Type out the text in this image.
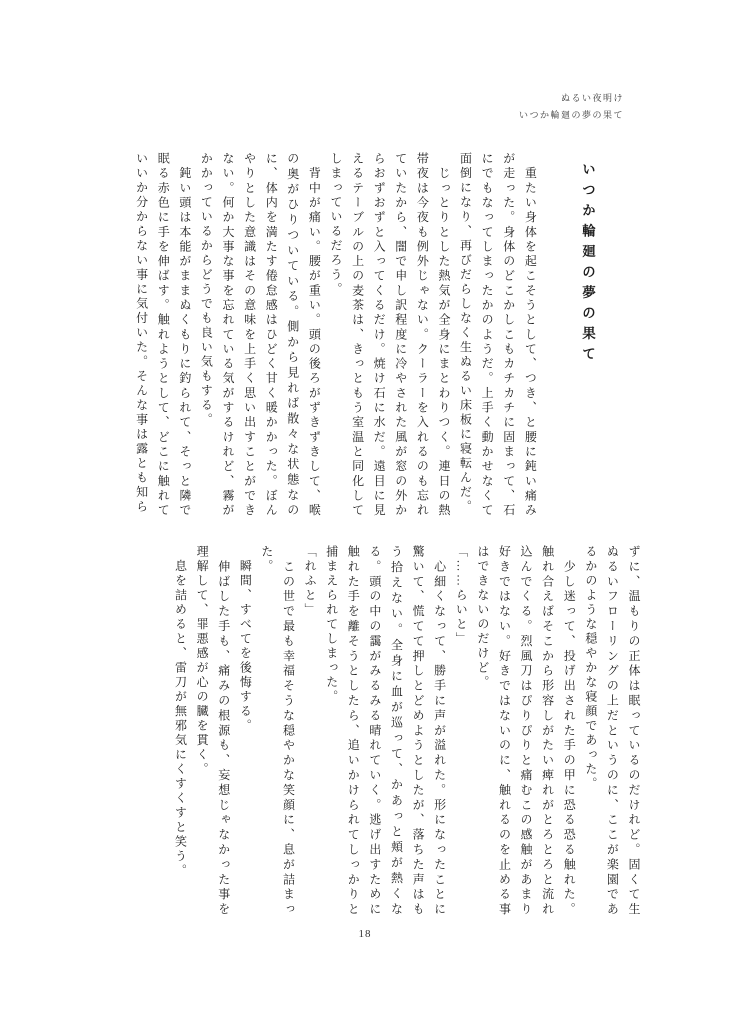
ぬるい夜明け
いつか輪廻の夢の果て
いつか輪廻の夢の果て

　重たい身体を起こそうとして、つき、と腰に鈍い痛みが走った。身体のどこかしこもカチカチに固まって、石にでもなってしまったかのようだ。上手く動かせなくて面倒になり、再びだらしなく生ぬるい床板に寝転んだ。

　じっとりとした熱気が全身にまとわりつく。連日の熱帯夜は今夜も例外じゃない。クーラーを入れるのも忘れていたから、闇で申し訳程度に冷やされた風が窓の外からおずおずと入ってくるだけ。焼け石に水だ。遠目に見えるテーブルの上の麦茶は、きっともう室温と同化してしまっているだろう。

　背中が痛い。腰が重い。頭の後ろがずきずきして、喉の奥がひりついている。側から見れば散々な状態なのに、体内を満たす倦怠感はひどく甘く暖かかった。ぼんやりとした意識はその意味を上手く思い出すことができない。何か大事な事を忘れている気がするけれど、霧がかかっているからどうでも良い気もする。

　鈍い頭は本能がままぬくもりに釣られて、そっと隣で眠る赤色に手を伸ばす。触れようとして、どこに触れていいか分からない事に気付いた。そんな事は露とも知ら

ずに、温もりの正体は眠っているのだけれど。固くて生ぬるいフローリングの上だというのに、ここが楽園であるかのような穏やかな寝顔であった。

　少し迷って、投げ出された手の甲に恐る恐る触れた。触れ合えばそこから形容しがたい痺れがとろとろと流れ込んでくる。烈風刀はぴりぴりと痛むこの感触があまり好きではない。好きではないのに、触れるのを止める事はできないのだけど。

「……らいと」

　心細くなって、勝手に声が溢れた。形になったことに驚いて、慌てて押しとどめようとしたが、落ちた声はもう拾えない。全身に血が巡って、かあっと頬が熱くなる。頭の中の靄がみるみる晴れていく。逃げ出すために触れた手を離そうとしたら、追いかけられてしっかりと捕まえられてしまった。

「れふと」

　この世で最も幸福そうな穏やかな笑顔に、息が詰まった。

　瞬間、すべてを後悔する。

　伸ばした手も、痛みの根源も、妄想じゃなかった事を理解して、罪悪感が心の臓を貫く。

　息を詰めると、雷刀が無邪気にくすくすと笑う。

18
